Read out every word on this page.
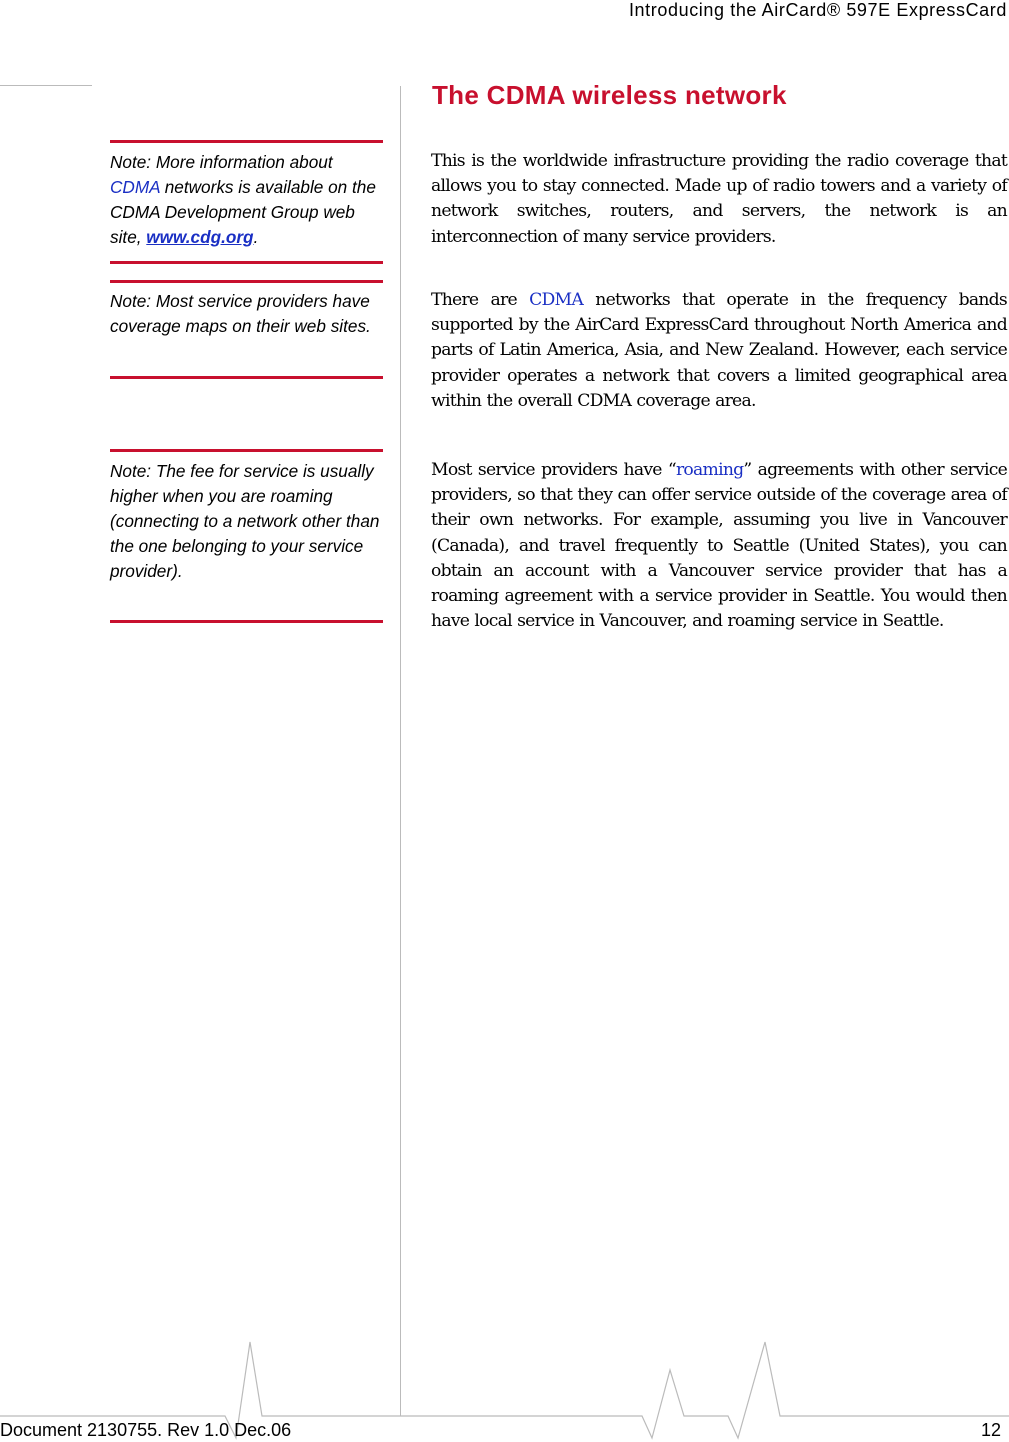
Introducing the AirCard® 597E ExpressCard
The CDMA wireless network
Note: More information about CDMA networks is available on the CDMA Development Group web site, www.cdg.org.
Note: Most service providers have coverage maps on their web sites.
Note: The fee for service is usually higher when you are roaming (connecting to a network other than the one belonging to your service provider).
This is the worldwide infrastructure providing the radio coverage that allows you to stay connected. Made up of radio towers and a variety of network switches, routers, and servers, the network is an interconnection of many service providers.
There are CDMA networks that operate in the frequency bands supported by the AirCard ExpressCard throughout North America and parts of Latin America, Asia, and New Zealand. However, each service provider operates a network that covers a limited geographical area within the overall CDMA coverage area.
Most service providers have “roaming” agreements with other service providers, so that they can offer service outside of the coverage area of their own networks. For example, assuming you live in Vancouver (Canada), and travel frequently to Seattle (United States), you can obtain an account with a Vancouver service provider that has a roaming agreement with a service provider in Seattle. You would then have local service in Vancouver, and roaming service in Seattle.
Document 2130755. Rev 1.0 Dec.06	12
